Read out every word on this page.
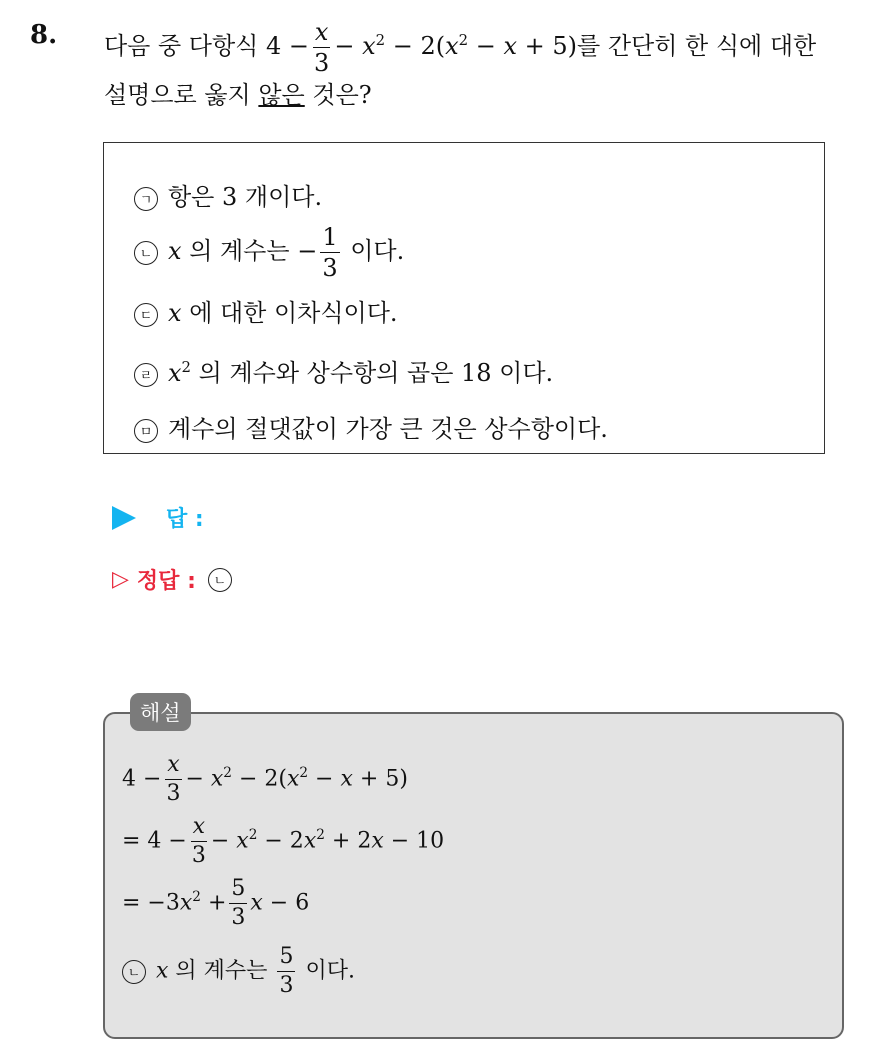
8. 다음 중 다항식 $4 - \frac{x}{3} - x^2 - 2(x^2 - x + 5)$를 간단히 한 식에 대한
설명으로 옳지 않은 것은?
ㄱ 항은 3 개이다.
ㄴ x 의 계수는 − $\frac{1}{3}$ 이다.
ㄷ x 에 대한 이차식이다.
ㄹ $x^2$ 의 계수와 상수항의 곱은 18 이다.
ㅁ 계수의 절댓값이 가장 큰 것은 상수항이다.
답 :
▷ 정답 :	ㄴ
해설
$4 - \frac{x}{3} - x^2 - 2(x^2 - x + 5)$
= $4 - \frac{x}{3} - x^2 - 2x^2 + 2x - 10$
= $-3x^2 + \frac{5}{3}$ x − 6
ㄴ x 의 계수는 $\frac{5}{3}$ 이다.
